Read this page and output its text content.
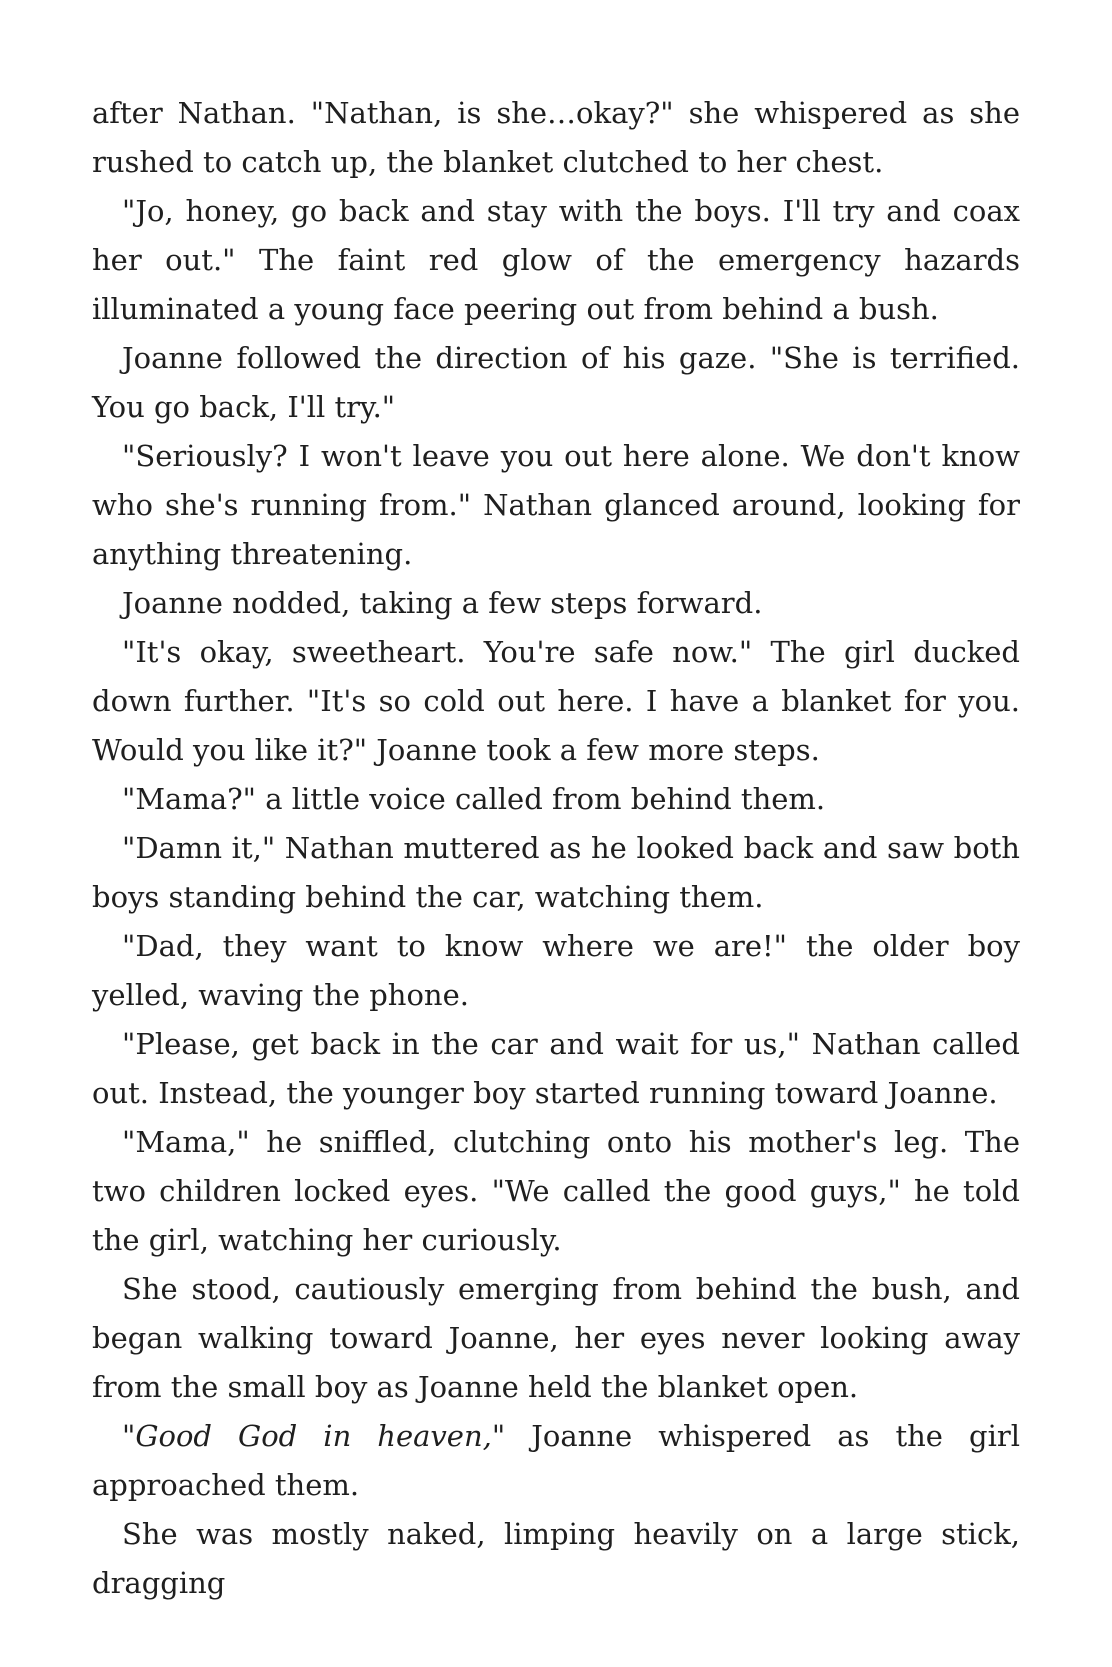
after Nathan. "Nathan, is she…okay?" she whispered as she rushed to catch up, the blanket clutched to her chest.

"Jo, honey, go back and stay with the boys. I'll try and coax her out." The faint red glow of the emergency hazards illuminated a young face peering out from behind a bush.

Joanne followed the direction of his gaze. "She is terrified. You go back, I'll try."

"Seriously? I won't leave you out here alone. We don't know who she's running from." Nathan glanced around, looking for anything threatening.

Joanne nodded, taking a few steps forward.

"It's okay, sweetheart. You're safe now." The girl ducked down further. "It's so cold out here. I have a blanket for you. Would you like it?" Joanne took a few more steps.

"Mama?" a little voice called from behind them.

"Damn it," Nathan muttered as he looked back and saw both boys standing behind the car, watching them.

"Dad, they want to know where we are!" the older boy yelled, waving the phone.

"Please, get back in the car and wait for us," Nathan called out. Instead, the younger boy started running toward Joanne.

"Mama," he sniffled, clutching onto his mother's leg. The two children locked eyes. "We called the good guys," he told the girl, watching her curiously.

She stood, cautiously emerging from behind the bush, and began walking toward Joanne, her eyes never looking away from the small boy as Joanne held the blanket open.

"Good God in heaven," Joanne whispered as the girl approached them.

She was mostly naked, limping heavily on a large stick, dragging
